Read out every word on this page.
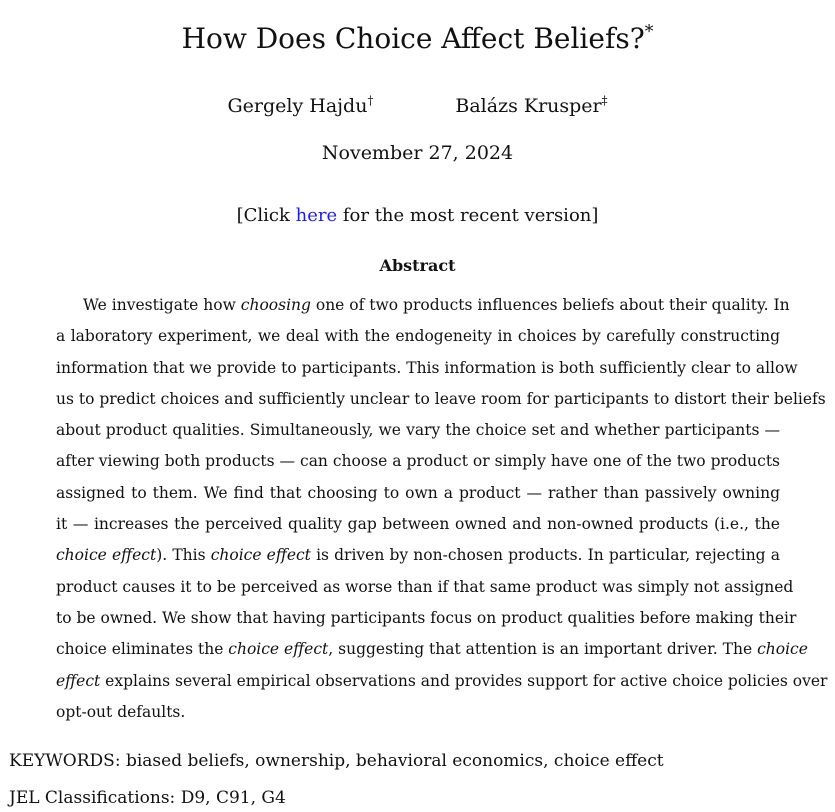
How Does Choice Affect Beliefs?*
Gergely Hajdu†	Balázs Krusper‡
November 27, 2024
[Click here for the most recent version]
Abstract
We investigate how choosing one of two products influences beliefs about their quality. In
a laboratory experiment, we deal with the endogeneity in choices by carefully constructing
information that we provide to participants. This information is both sufficiently clear to allow
us to predict choices and sufficiently unclear to leave room for participants to distort their beliefs
about product qualities. Simultaneously, we vary the choice set and whether participants —
after viewing both products — can choose a product or simply have one of the two products
assigned to them. We find that choosing to own a product — rather than passively owning
it — increases the perceived quality gap between owned and non-owned products (i.e., the
choice effect). This choice effect is driven by non-chosen products. In particular, rejecting a
product causes it to be perceived as worse than if that same product was simply not assigned
to be owned. We show that having participants focus on product qualities before making their
choice eliminates the choice effect, suggesting that attention is an important driver. The choice
effect explains several empirical observations and provides support for active choice policies over
opt-out defaults.
KEYWORDS: biased beliefs, ownership, behavioral economics, choice effect
JEL Classifications: D9, C91, G4
